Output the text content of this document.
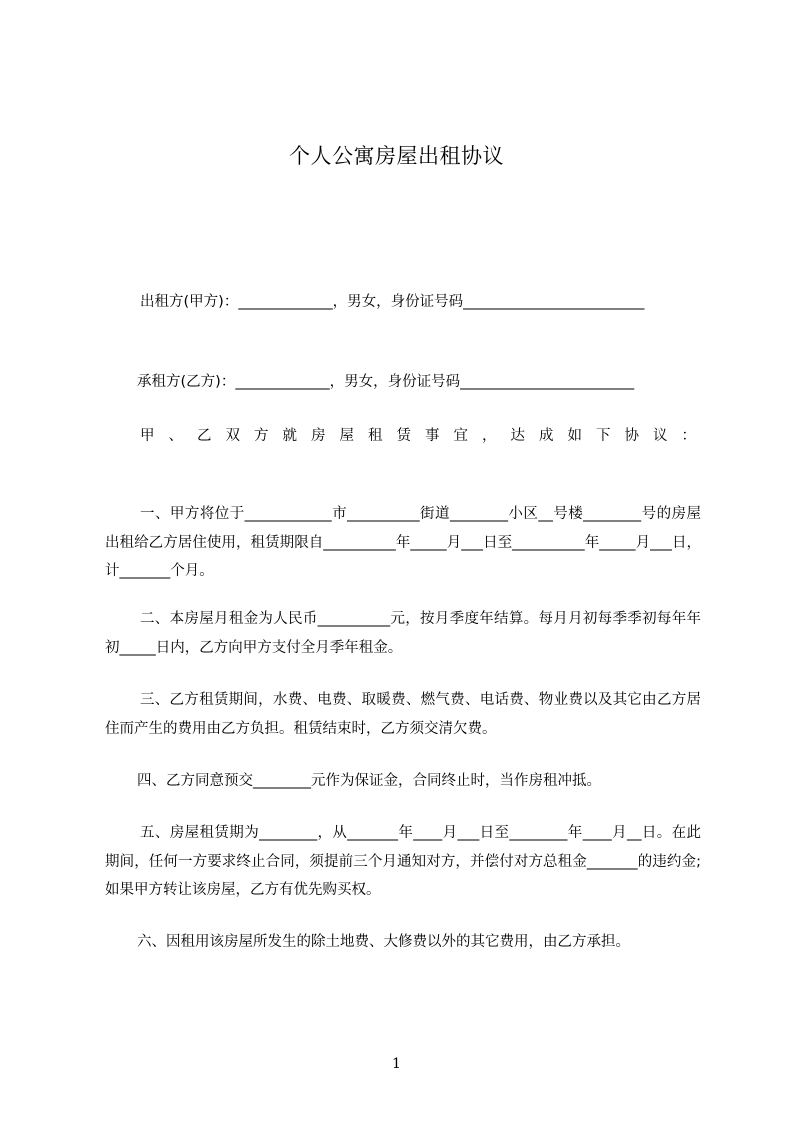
个人公寓房屋出租协议
出租方(甲方)：_____________，男女，身份证号码_________________________
承租方(乙方)：_____________，男女，身份证号码________________________
甲 、 乙 双 方 就 房 屋 租 赁 事 宜 ， 达 成 如 下 协 议 ：
一、甲方将位于____________市__________街道________小区__号楼________号的房屋出租给乙方居住使用，租赁期限自__________年_____月___日至__________年_____月___日，计_______个月。
二、本房屋月租金为人民币__________元，按月季度年结算。每月月初每季季初每年年初_____日内，乙方向甲方支付全月季年租金。
三、乙方租赁期间，水费、电费、取暖费、燃气费、电话费、物业费以及其它由乙方居住而产生的费用由乙方负担。租赁结束时，乙方须交清欠费。
四、乙方同意预交________元作为保证金，合同终止时，当作房租冲抵。
五、房屋租赁期为________，从_______年____月___日至________年____月__日。在此期间，任何一方要求终止合同，须提前三个月通知对方，并偿付对方总租金_______的违约金;如果甲方转让该房屋，乙方有优先购买权。
六、因租用该房屋所发生的除土地费、大修费以外的其它费用，由乙方承担。
1
